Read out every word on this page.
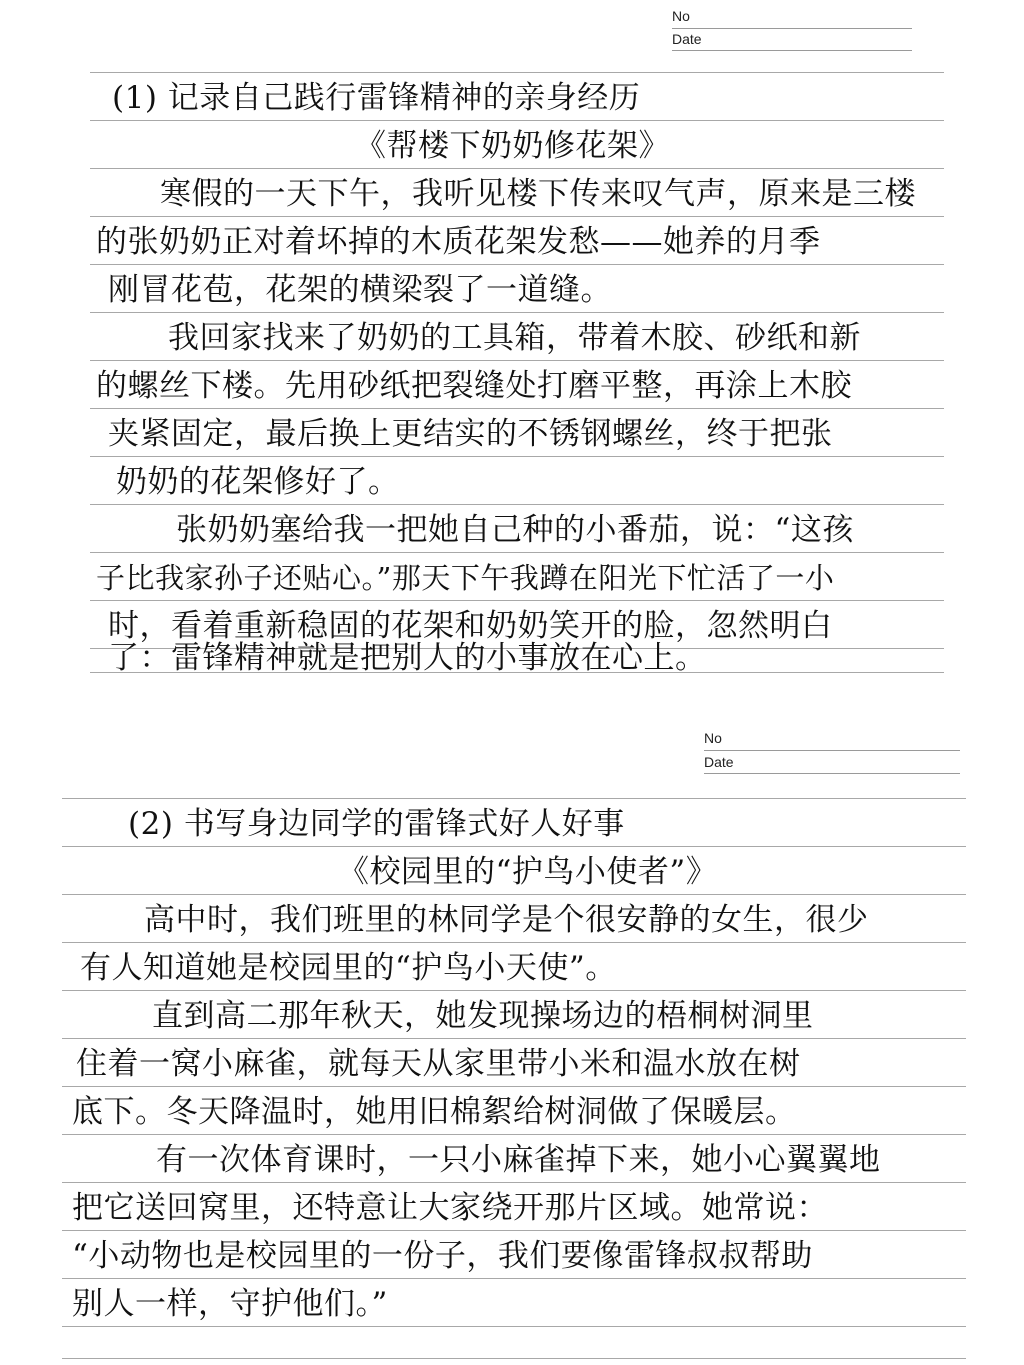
No
Date
(1) 记录自己践行雷锋精神的亲身经历
《帮楼下奶奶修花架》
寒假的一天下午，我听见楼下传来叹气声，原来是三楼
的张奶奶正对着坏掉的木质花架发愁——她养的月季
刚冒花苞，花架的横梁裂了一道缝。
我回家找来了奶奶的工具箱，带着木胶、砂纸和新
的螺丝下楼。先用砂纸把裂缝处打磨平整，再涂上木胶
夹紧固定，最后换上更结实的不锈钢螺丝，终于把张
奶奶的花架修好了。
张奶奶塞给我一把她自己种的小番茄，说：“这孩
子比我家孙子还贴心。”那天下午我蹲在阳光下忙活了一小
时，看着重新稳固的花架和奶奶笑开的脸，忽然明白
了：雷锋精神就是把别人的小事放在心上。
No
Date
(2) 书写身边同学的雷锋式好人好事
《校园里的“护鸟小使者”》
高中时，我们班里的林同学是个很安静的女生，很少
有人知道她是校园里的“护鸟小天使”。
直到高二那年秋天，她发现操场边的梧桐树洞里
住着一窝小麻雀，就每天从家里带小米和温水放在树
底下。冬天降温时，她用旧棉絮给树洞做了保暖层。
有一次体育课时，一只小麻雀掉下来，她小心翼翼地
把它送回窝里，还特意让大家绕开那片区域。她常说：
“小动物也是校园里的一份子，我们要像雷锋叔叔帮助
别人一样，守护他们。”
